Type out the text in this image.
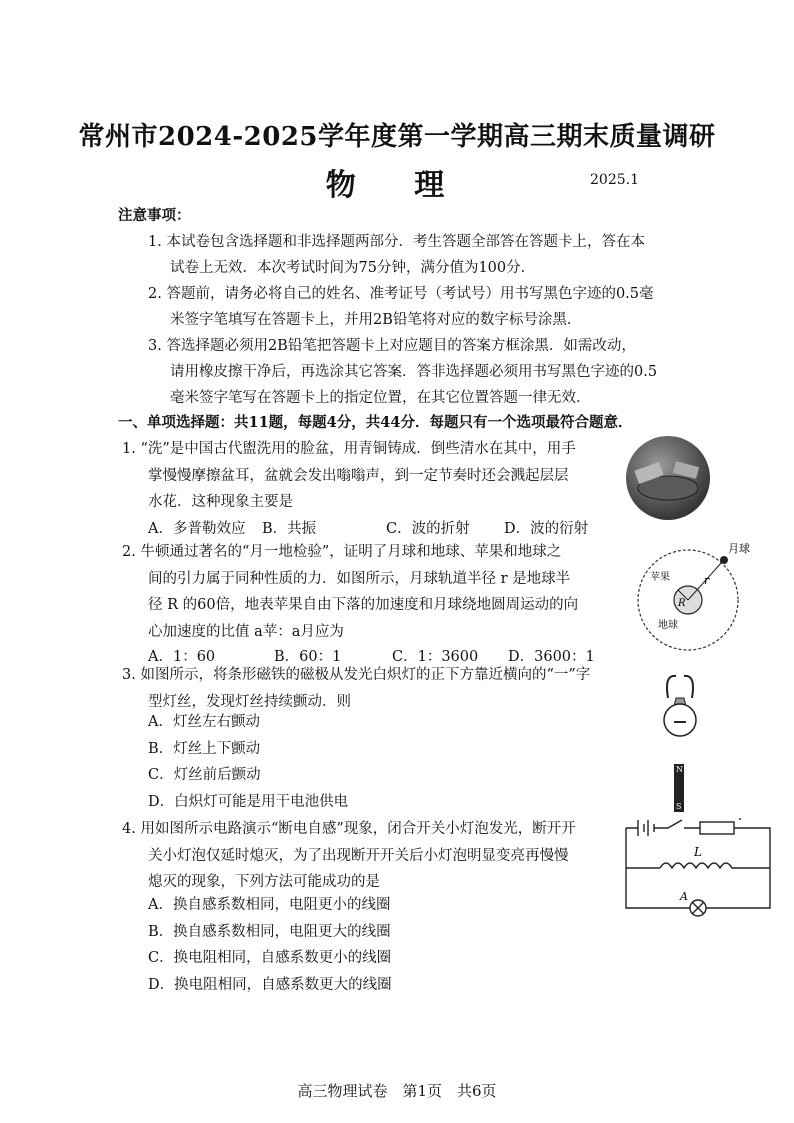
常州市2024-2025学年度第一学期高三期末质量调研
物 理	2025.1
注意事项：
1. 本试卷包含选择题和非选择题两部分．考生答题全部答在答题卡上，答在本
试卷上无效．本次考试时间为75分钟，满分值为100分．
2. 答题前，请务必将自己的姓名、准考证号（考试号）用书写黑色字迹的0.5毫
米签字笔填写在答题卡上，并用2B铅笔将对应的数字标号涂黑．
3. 答选择题必须用2B铅笔把答题卡上对应题目的答案方框涂黑．如需改动，
请用橡皮擦干净后，再选涂其它答案．答非选择题必须用书写黑色字迹的0.5
毫米签字笔写在答题卡上的指定位置，在其它位置答题一律无效．
一、单项选择题：共11题，每题4分，共44分．每题只有一个选项最符合题意．
1. “洗”是中国古代盥洗用的脸盆，用青铜铸成．倒些清水在其中，用手
掌慢慢摩擦盆耳，盆就会发出嗡嗡声，到一定节奏时还会溅起层层
水花．这种现象主要是
A．多普勒效应 B．共振	C．波的折射 D．波的衍射
2. 牛顿通过著名的“月一地检验”，证明了月球和地球、苹果和地球之
间的引力属于同种性质的力．如图所示，月球轨道半径 r 是地球半
径 R 的60倍，地表苹果自由下落的加速度和月球绕地圆周运动的向
心加速度的比值 a苹：a月应为
A．1：60	B．60：1	C．1：3600 D．3600：1
月球
苹果
地球
r
R
3. 如图所示，将条形磁铁的磁极从发光白炽灯的正下方靠近横向的“一”字
型灯丝，发现灯丝持续颤动．则
A．灯丝左右颤动
B．灯丝上下颤动
C．灯丝前后颤动
D．白炽灯可能是用干电池供电
N
S
4. 用如图所示电路演示“断电自感”现象，闭合开关小灯泡发光，断开开
关小灯泡仅延时熄灭，为了出现断开开关后小灯泡明显变亮再慢慢
熄灭的现象，下列方法可能成功的是
A．换自感系数相同，电阻更小的线圈
B．换自感系数相同，电阻更大的线圈
C．换电阻相同，自感系数更小的线圈
D．换电阻相同，自感系数更大的线圈
L
A
高三物理试卷　第1页　共6页
